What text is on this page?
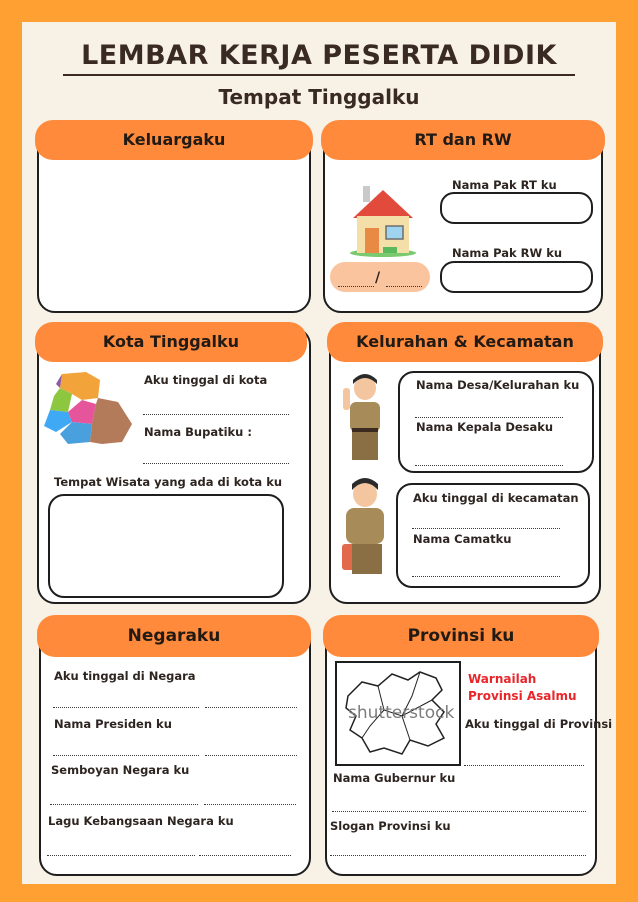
LEMBAR KERJA PESERTA DIDIK
Tempat Tinggalku
Keluargaku	RT dan RW
/
Nama Pak RT ku
Nama Pak RW ku
Kota Tinggalku
Aku tinggal di kota
Nama Bupatiku :
Tempat Wisata yang ada di kota ku
Kelurahan & Kecamatan
Nama Desa/Kelurahan ku
Nama Kepala Desaku
Aku tinggal di kecamatan
Nama Camatku
Negaraku
Aku tinggal di Negara
Nama Presiden ku
Semboyan Negara ku
Lagu Kebangsaan Negara ku
Provinsi ku
shutterstock
Warnailah Provinsi Asalmu
Aku tinggal di Provinsi
Nama Gubernur ku
Slogan Provinsi ku
